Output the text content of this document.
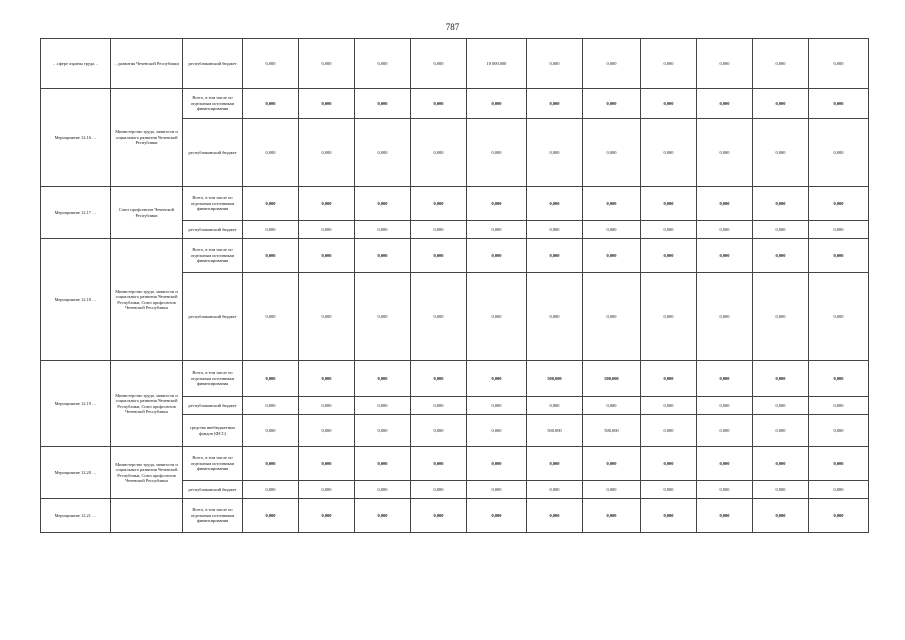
787
…сфере охраны труда…	…развития Чеченской Республики	республиканский бюджет	0,000	0,000	0,000	0,000	10 000,000	0,000	0,000	0,000	0,000	0,000	0,000
Мероприятие 12.16 …	Министерство труда, занятости и социального развития Чеченской Республики	Всего, в том числе по отдельным источникам финансирования	0,000	0,000	0,000	0,000	0,000	0,000	0,000	0,000	0,000	0,000	0,000
		республиканский бюджет	0,000	0,000	0,000	0,000	0,000	0,000	0,000	0,000	0,000	0,000	0,000
Мероприятие 12.17 …	Союз профсоюзов Чеченской Республики	Всего, в том числе по отдельным источникам финансирования	0,000	0,000	0,000	0,000	0,000	0,000	0,000	0,000	0,000	0,000	0,000
		республиканский бюджет	0,000	0,000	0,000	0,000	0,000	0,000	0,000	0,000	0,000	0,000	0,000
Мероприятие 12.18 …	Министерство труда, занятости и социального развития Чеченской Республики, Союз профсоюзов Чеченской Республики	Всего, в том числе по отдельным источникам финансирования	0,000	0,000	0,000	0,000	0,000	0,000	0,000	0,000	0,000	0,000	0,000
		республиканский бюджет	0,000	0,000	0,000	0,000	0,000	0,000	0,000	0,000	0,000	0,000	0,000
Мероприятие 12.19 …	Министерство труда, занятости и социального развития Чеченской Республики, Союз профсоюзов Чеченской Республики	Всего, в том числе по отдельным источникам финансирования	0,000	0,000	0,000	0,000	0,000	500,000	500,000	0,000	0,000	0,000	0,000
		республиканский бюджет	0,000	0,000	0,000	0,000	0,000	0,000	0,000	0,000	0,000	0,000	0,000
		средства внебюджетных фондов (ФСС)	0,000	0,000	0,000	0,000	0,000	500,000	500,000	0,000	0,000	0,000	0,000
Мероприятие 12.20 …	Министерство труда, занятости и социального развития Чеченской Республики, Союз профсоюзов Чеченской Республики	Всего, в том числе по отдельным источникам финансирования	0,000	0,000	0,000	0,000	0,000	0,000	0,000	0,000	0,000	0,000	0,000
		республиканский бюджет	0,000	0,000	0,000	0,000	0,000	0,000	0,000	0,000	0,000	0,000	0,000
Мероприятие 12.21 …		Всего, в том числе по отдельным источникам финансирования	0,000	0,000	0,000	0,000	0,000	0,000	0,000	0,000	0,000	0,000	0,000
